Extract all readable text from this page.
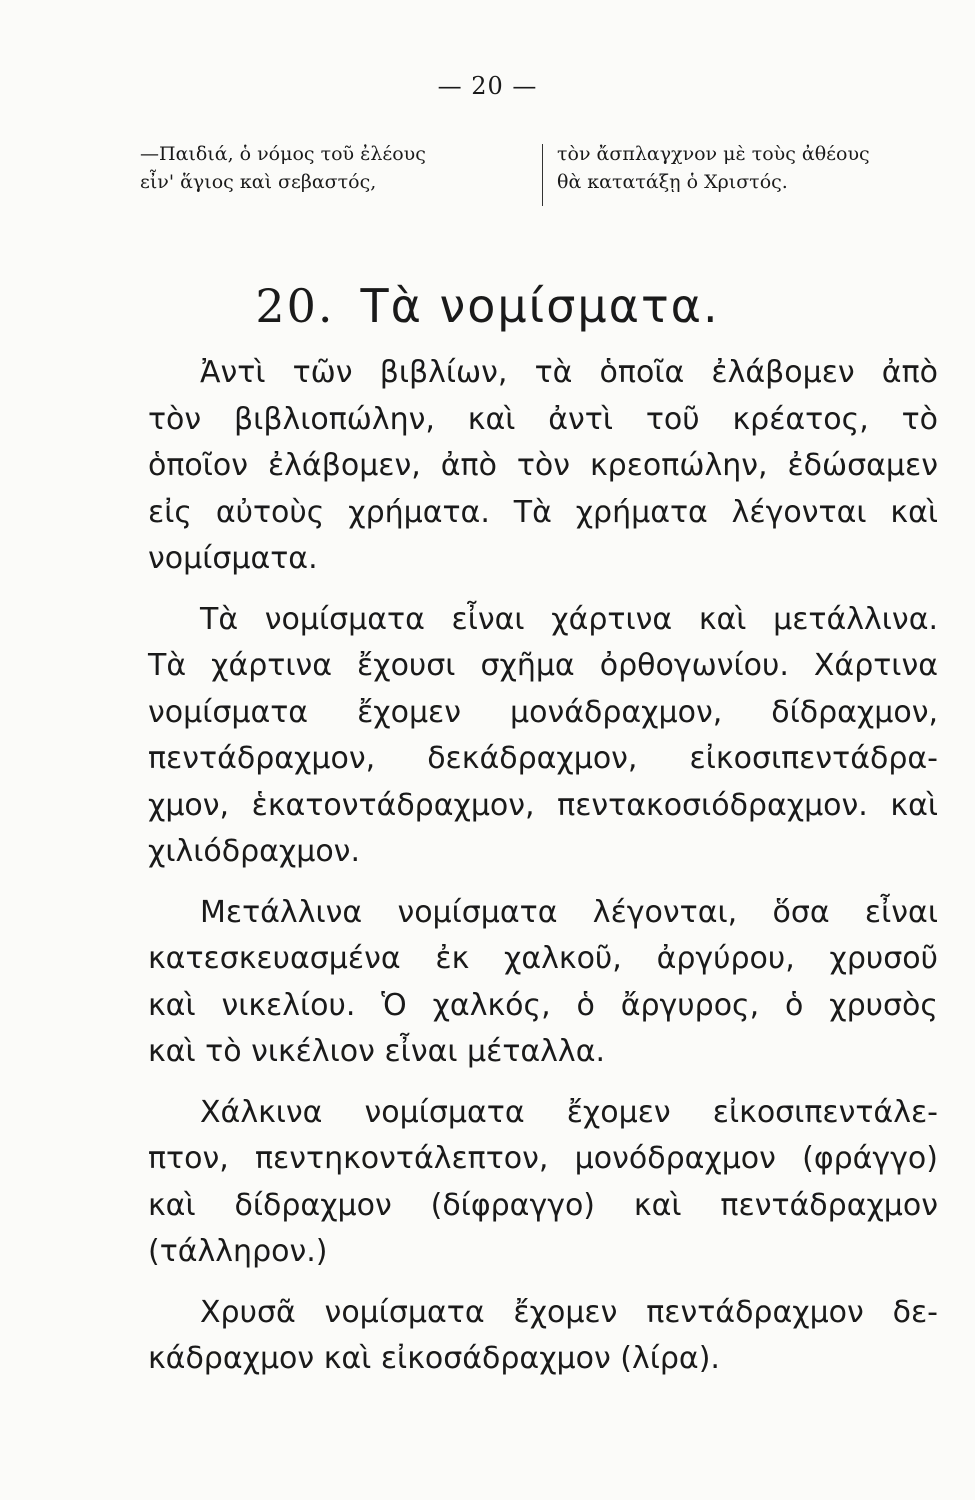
— 20 —
—Παιδιά, ὁ νόμος τοῦ ἐλέους
εἶν' ἅγιος καὶ σεβαστός,
τὸν ἄσπλαγχνον μὲ τοὺς ἀθέους
θὰ κατατάξῃ ὁ Χριστός.
20. Τὰ νομίσματα.

Ἀντὶ τῶν βιβλίων, τὰ ὁποῖα ἐλάβομεν ἀπὸ
τὸν βιβλιοπώλην, καὶ ἀντὶ τοῦ κρέατος, τὸ
ὁποῖον ἐλάβομεν, ἀπὸ τὸν κρεοπώλην, ἐδώσαμεν
εἰς αὐτοὺς χρήματα. Τὰ χρήματα λέγονται καὶ
νομίσματα.

Τὰ νομίσματα εἶναι χάρτινα καὶ μετάλλινα.
Τὰ χάρτινα ἔχουσι σχῆμα ὀρθογωνίου. Χάρτινα
νομίσματα ἔχομεν μονάδραχμον, δίδραχμον,
πεντάδραχμον, δεκάδραχμον, εἰκοσιπεντάδρα-
χμον, ἑκατοντάδραχμον, πεντακοσιόδραχμον. καὶ
χιλιόδραχμον.

Μετάλλινα νομίσματα λέγονται, ὅσα εἶναι
κατεσκευασμένα ἐκ χαλκοῦ, ἀργύρου, χρυσοῦ
καὶ νικελίου. Ὁ χαλκός, ὁ ἄργυρος, ὁ χρυσὸς
καὶ τὸ νικέλιον εἶναι μέταλλα.

Χάλκινα νομίσματα ἔχομεν εἰκοσιπεντάλε-
πτον, πεντηκοντάλεπτον, μονόδραχμον (φράγγο)
καὶ δίδραχμον (δίφραγγο) καὶ πεντάδραχμον
(τάλληρον.)

Χρυσᾶ νομίσματα ἔχομεν πεντάδραχμον δε-
κάδραχμον καὶ εἰκοσάδραχμον (λίρα).
